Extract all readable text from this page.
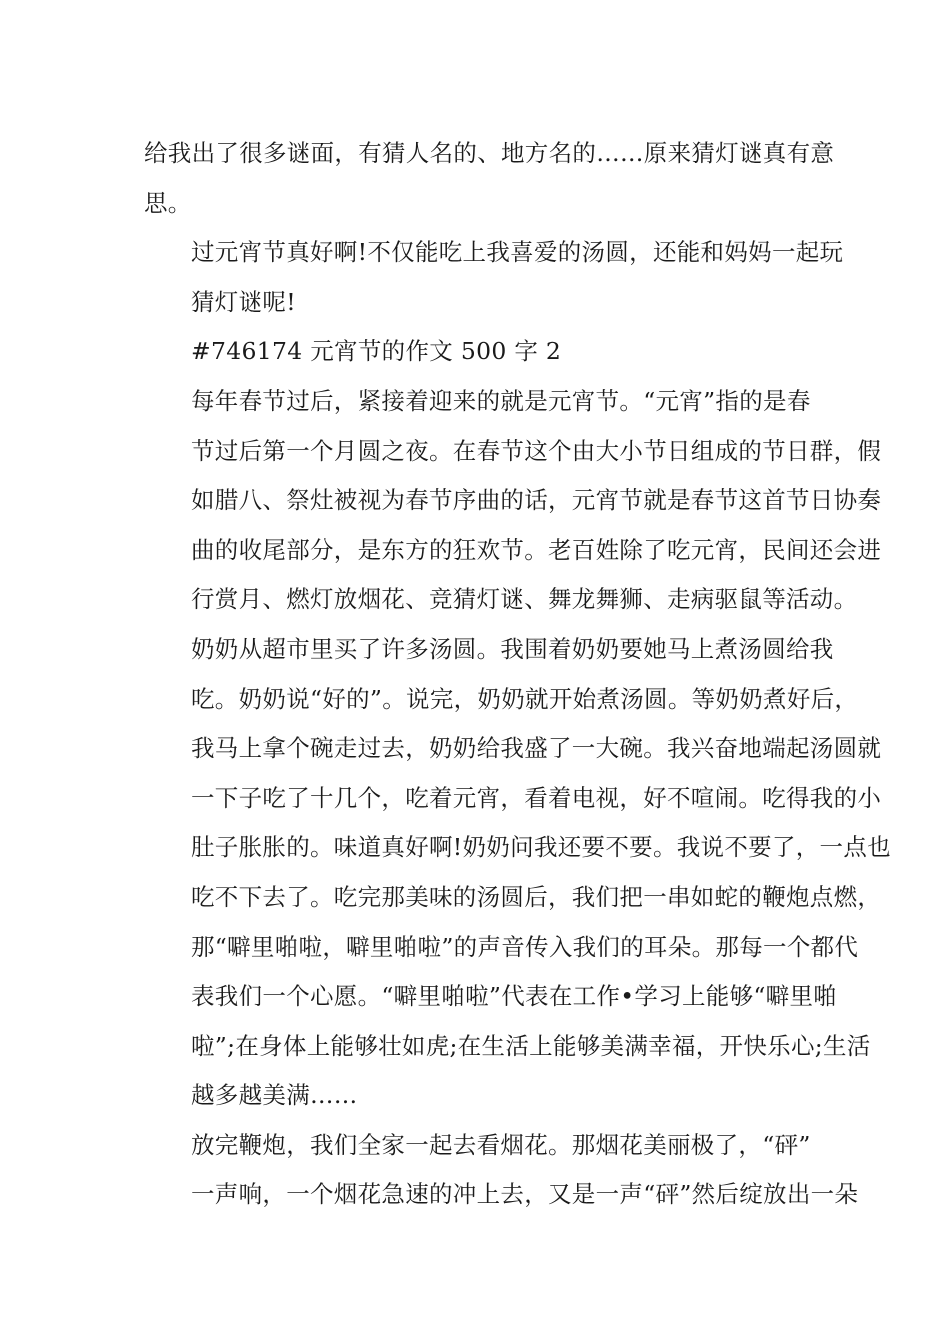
给我出了很多谜面，有猜人名的、地方名的……原来猜灯谜真有意
思。

过元宵节真好啊!不仅能吃上我喜爱的汤圆，还能和妈妈一起玩
猜灯谜呢!

#746174 元宵节的作文 500 字 2

每年春节过后，紧接着迎来的就是元宵节。“元宵”指的是春
节过后第一个月圆之夜。在春节这个由大小节日组成的节日群，假
如腊八、祭灶被视为春节序曲的话，元宵节就是春节这首节日协奏
曲的收尾部分，是东方的狂欢节。老百姓除了吃元宵，民间还会进
行赏月、燃灯放烟花、竞猜灯谜、舞龙舞狮、走病驱鼠等活动。

奶奶从超市里买了许多汤圆。我围着奶奶要她马上煮汤圆给我
吃。奶奶说“好的”。说完，奶奶就开始煮汤圆。等奶奶煮好后，
我马上拿个碗走过去，奶奶给我盛了一大碗。我兴奋地端起汤圆就
一下子吃了十几个，吃着元宵，看着电视，好不喧闹。吃得我的小
肚子胀胀的。味道真好啊!奶奶问我还要不要。我说不要了，一点也
吃不下去了。吃完那美味的汤圆后，我们把一串如蛇的鞭炮点燃，
那“噼里啪啦，噼里啪啦”的声音传入我们的耳朵。那每一个都代
表我们一个心愿。“噼里啪啦”代表在工作•学习上能够“噼里啪
啦”;在身体上能够壮如虎;在生活上能够美满幸福，开快乐心;生活
越多越美满……

放完鞭炮，我们全家一起去看烟花。那烟花美丽极了，“砰”
一声响，一个烟花急速的冲上去，又是一声“砰”然后绽放出一朵
